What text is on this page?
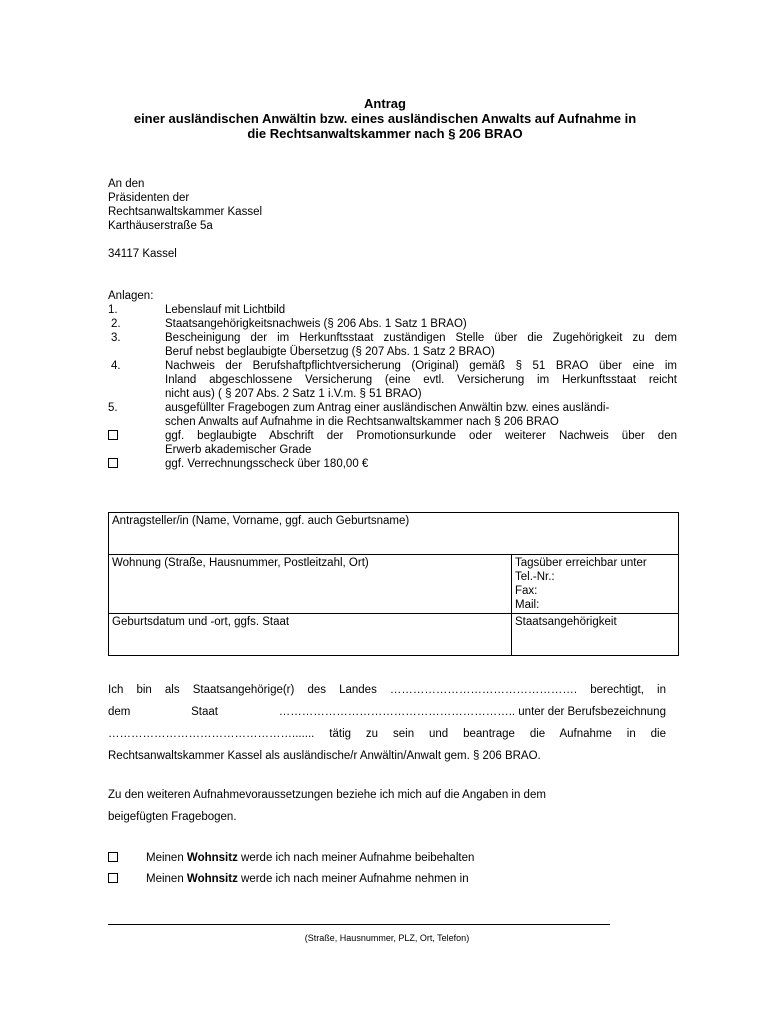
Antrag
einer ausländischen Anwältin bzw. eines ausländischen Anwalts auf Aufnahme in
die Rechtsanwaltskammer nach § 206 BRAO
An den
Präsidenten der
Rechtsanwaltskammer Kassel
Karthäuserstraße 5a
34117 Kassel
Anlagen:
1.	Lebenslauf mit Lichtbild
2.	Staatsangehörigkeitsnachweis (§ 206 Abs. 1 Satz 1 BRAO)
3.	Bescheinigung der im Herkunftsstaat zuständigen Stelle über die Zugehörigkeit zu dem
Beruf nebst beglaubigte Übersetzug (§ 207 Abs. 1 Satz 2 BRAO)
4.	Nachweis der Berufshaftpflichtversicherung (Original) gemäß § 51 BRAO über eine im
Inland abgeschlossene Versicherung (eine evtl. Versicherung im Herkunftsstaat reicht
nicht aus) ( § 207 Abs. 2 Satz 1 i.V.m. § 51 BRAO)
5.	ausgefüllter Fragebogen zum Antrag einer ausländischen Anwältin bzw. eines ausländi-
schen Anwalts auf Aufnahme in die Rechtsanwaltskammer nach § 206 BRAO
ggf. beglaubigte Abschrift der Promotionsurkunde oder weiterer Nachweis über den
Erwerb akademischer Grade
ggf. Verrechnungsscheck über 180,00 €
Antragsteller/in (Name, Vorname, ggf. auch Geburtsname)	
Wohnung (Straße, Hausnummer, Postleitzahl, Ort)	Tagsüber erreichbar unter
Tel.-Nr.:
Fax:
Mail:

Geburtsdatum und -ort, ggfs. Staat	Staatsangehörigkeit
Ich bin als Staatsangehörige(r) des Landes …………………………………………. berechtigt, in
dem	Staat	…………………………………………………….. unter der Berufsbezeichnung
…………………………………………....... tätig zu sein und beantrage die Aufnahme in die
Rechtsanwaltskammer Kassel als ausländische/r Anwältin/Anwalt gem. § 206 BRAO.
Zu den weiteren Aufnahmevoraussetzungen beziehe ich mich auf die Angaben in dem
beigefügten Fragebogen.
Meinen Wohnsitz werde ich nach meiner Aufnahme beibehalten
Meinen Wohnsitz werde ich nach meiner Aufnahme nehmen in
(Straße, Hausnummer, PLZ, Ort, Telefon)
